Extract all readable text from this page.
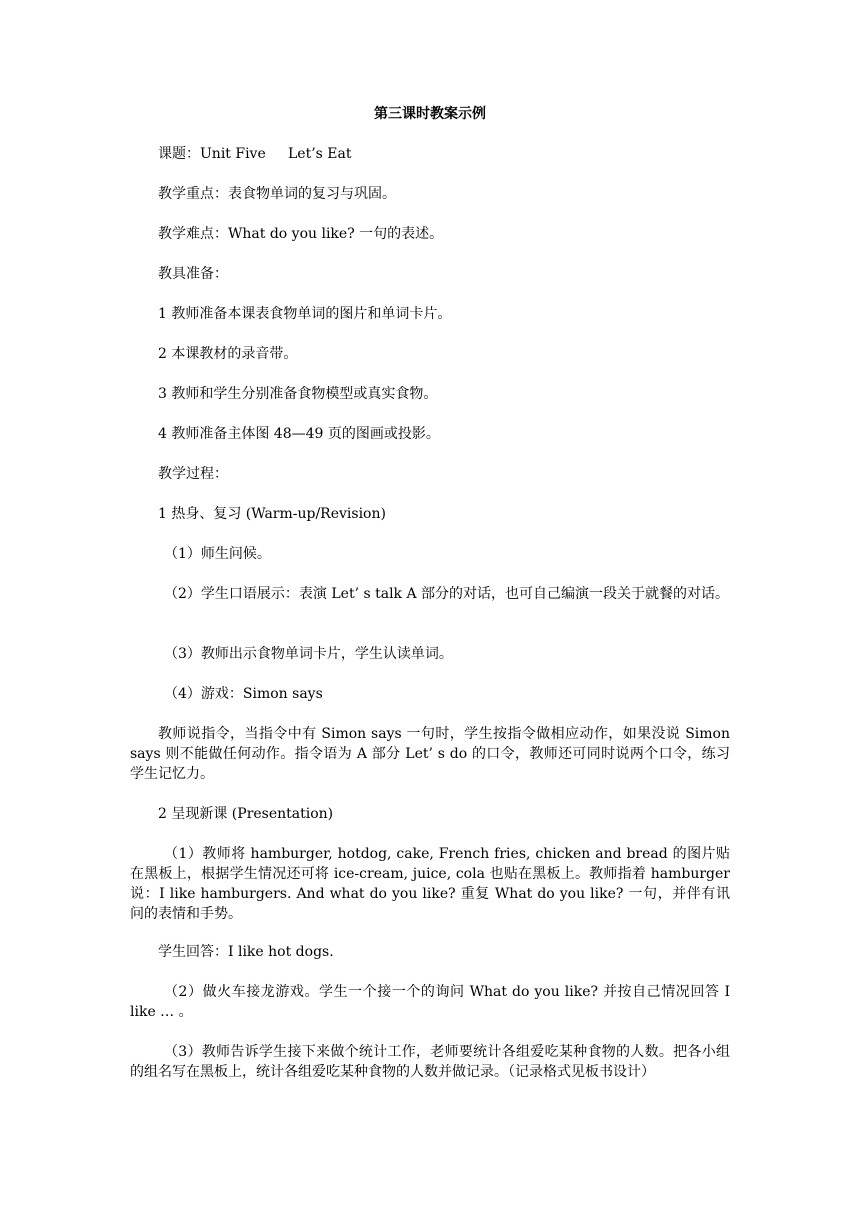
第三课时教案示例

课题：Unit Five     Let’s Eat

教学重点：表食物单词的复习与巩固。

教学难点：What do you like? 一句的表述。

教具准备：

1 教师准备本课表食物单词的图片和单词卡片。

2 本课教材的录音带。

3 教师和学生分别准备食物模型或真实食物。

4 教师准备主体图 48—49 页的图画或投影。

教学过程：

1 热身、复习 (Warm-up/Revision)

（1）师生问候。

（2）学生口语展示：表演 Let’ s talk A 部分的对话，也可自己编演一段关于就餐的对话。

（3）教师出示食物单词卡片，学生认读单词。

（4）游戏：Simon says

教师说指令，当指令中有 Simon says 一句时，学生按指令做相应动作，如果没说 Simon says 则不能做任何动作。指令语为 A 部分 Let’ s do 的口令，教师还可同时说两个口令，练习学生记忆力。

2 呈现新课 (Presentation)

（1）教师将 hamburger, hotdog, cake, French fries, chicken and bread 的图片贴在黑板上，根据学生情况还可将 ice-cream, juice, cola 也贴在黑板上。教师指着 hamburger 说：I like hamburgers. And what do you like? 重复 What do you like? 一句，并伴有讯问的表情和手势。

学生回答：I like hot dogs.

（2）做火车接龙游戏。学生一个接一个的询问 What do you like? 并按自己情况回答 I like … 。

（3）教师告诉学生接下来做个统计工作，老师要统计各组爱吃某种食物的人数。把各小组的组名写在黑板上，统计各组爱吃某种食物的人数并做记录。（记录格式见板书设计）
